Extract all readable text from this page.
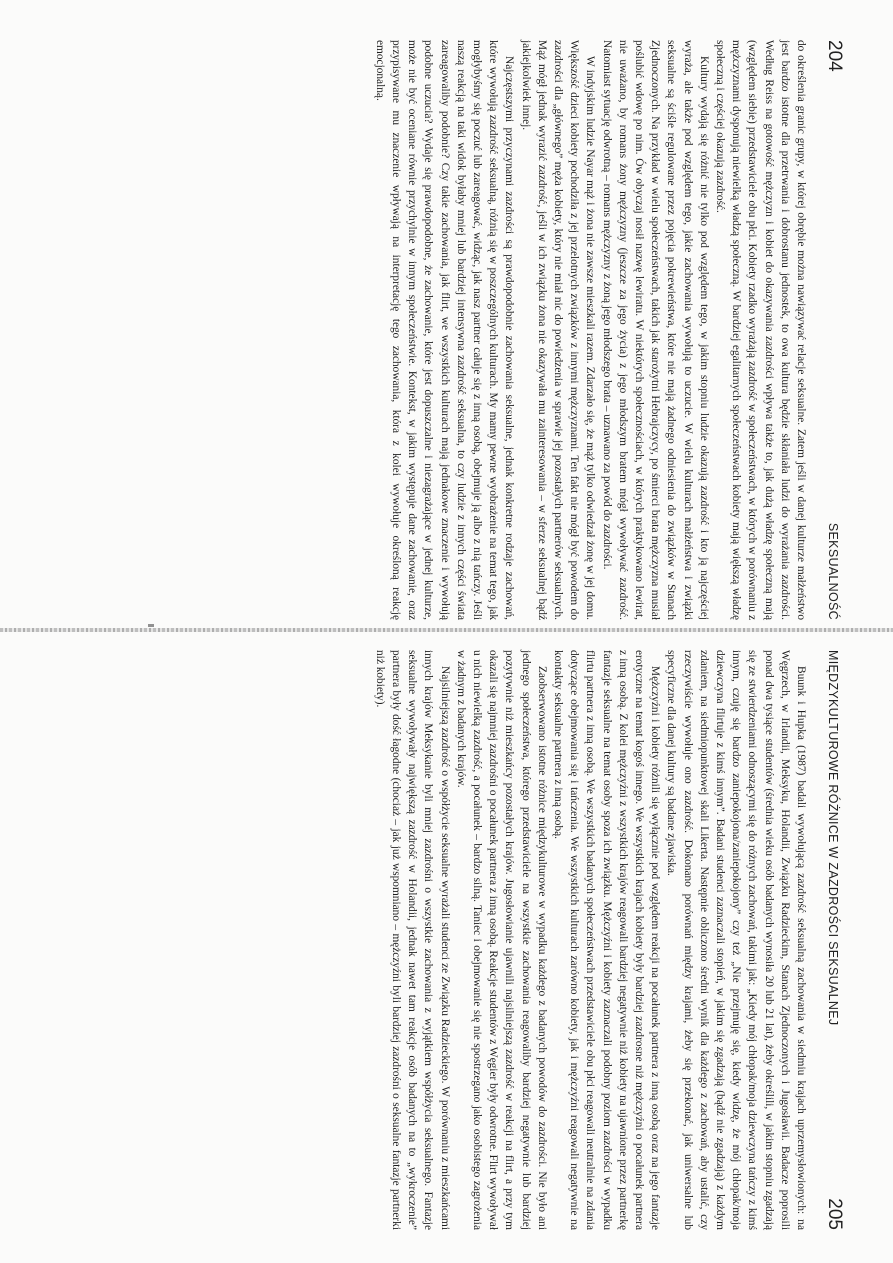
204
SEKSUALNOŚĆ

do określenia granic grupy, w której obrębie można nawiązywać relacje seksualne. Zatem jeśli w danej kulturze małżeństwo jest bardzo istotne dla przetrwania i dobrostanu jednostek, to owa kultura będzie skłaniała ludzi do wyrażania zazdrości. Według Reiss na gotowość mężczyzn i kobiet do okazywania zazdrości wpływa także to, jak dużą władzę społeczną mają (względem siebie) przedstawiciele obu płci. Kobiety rzadko wyrażają zazdrość w społeczeństwach, w których w porównaniu z mężczyznami dysponują niewielką władzą społeczną. W bardziej egalitarnych społeczeństwach kobiety mają większą władzę społeczną i częściej okazują zazdrość.

Kultury wydają się różnić nie tylko pod względem tego, w jakim stopniu ludzie okazują zazdrość i kto ją najczęściej wyraża, ale także pod względem tego, jakie zachowania wywołują to uczucie. W wielu kulturach małżeństwa i związki seksualne są ściśle regulowane przez pojęcia pokrewieństwa, które nie mają żadnego odniesienia do związków w Stanach Zjednoczonych. Na przykład w wielu społeczeństwach, takich jak starożytni Hebrajczycy, po śmierci brata mężczyzna musiał poślubić wdowę po nim. Ów obyczaj nosił nazwę lewiratu. W niektórych społecznościach, w których praktykowano lewirat, nie uważano, by romans żony mężczyzny (jeszcze za jego życia) z jego młodszym bratem mógł wywoływać zazdrość. Natomiast sytuację odwrotną – romans mężczyzny z żoną jego młodszego brata – uznawano za powód do zazdrości.

W indyjskim ludzie Nayar mąż i żona nie zawsze mieszkali razem. Zdarzało się, że mąż tylko odwiedzał żonę w jej domu. Większość dzieci kobiety pochodziła z jej przelotnych związków z innymi mężczyznami. Ten fakt nie mógł być powodem do zazdrości dla „głównego” męża kobiety, który nie miał nic do powiedzenia w sprawie jej pozostałych partnerów seksualnych. Mąż mógł jednak wyrazić zazdrość, jeśli w ich związku żona nie okazywała mu zainteresowania – w sferze seksualnej bądź jakiejkolwiek innej.

Najczęstszymi przyczynami zazdrości są prawdopodobnie zachowania seksualne, jednak konkretne rodzaje zachowań, które wywołują zazdrość seksualną, różnią się w poszczególnych kulturach. My mamy pewne wyobrażenie na temat tego, jak mogłybyśmy się poczuć lub zareagować, widząc, jak nasz partner całuje się z inną osobą, obejmuje ją albo z nią tańczy. Jeśli naszą reakcją na taki widok byłaby mniej lub bardziej intensywna zazdrość seksualna, to czy ludzie z innych części świata zareagowaliby podobnie? Czy takie zachowania, jak flirt, we wszystkich kulturach mają jednakowe znaczenie i wywołują podobne uczucia? Wydaje się prawdopodobne, że zachowanie, które jest dopuszczalne i niezagrażające w jednej kulturze, może nie być oceniane równie przychylnie w innym społeczeństwie. Kontekst, w jakim występuje dane zachowanie, oraz przypisywane mu znaczenie wpływają na interpretację tego zachowania, która z kolei wywołuje określoną reakcję emocjonalną.

MIĘDZYKULTUROWE RÓŻNICE W ZAZDROŚCI SEKSUALNEJ
205

Buunk i Hupka (1987) badali wywołującą zazdrość seksualną zachowania w siedmiu krajach uprzemysłowionych: na Węgrzech, w Irlandii, Meksyku, Holandii, Związku Radzieckim, Stanach Zjednoczonych i Jugosławii. Badacze poprosili ponad dwa tysiące studentów (średnia wieku osób badanych wynosiła 20 lub 21 lat), żeby określili, w jakim stopniu zgadzają się ze stwierdzeniami odnoszącymi się do różnych zachowań, takimi jak: „Kiedy mój chłopak/moja dziewczyna tańczy z kimś innym, czuję się bardzo zaniepokojona/zaniepokojony” czy też „Nie przejmuję się, kiedy widzę, że mój chłopak/moja dziewczyna flirtuje z kimś innym”. Badani studenci zaznaczali stopień, w jakim się zgadzają (bądź nie zgadzają) z każdym zdaniem, na siedmiopunktowej skali Likerta. Następnie obliczono średni wynik dla każdego z zachowań, aby ustalić, czy rzeczywiście wywołuje ono zazdrość. Dokonano porównań między krajami, żeby się przekonać, jak uniwersalne lub specyficzne dla danej kultury są badane zjawiska.

Mężczyźni i kobiety różnili się wyłącznie pod względem reakcji na pocałunek partnera z inną osobą oraz na jego fantazje erotyczne na temat kogoś innego. We wszystkich krajach kobiety były bardziej zazdrosne niż mężczyźni o pocałunek partnera z inną osobą. Z kolei mężczyźni z wszystkich krajów reagowali bardziej negatywnie niż kobiety na ujawnione przez partnerkę fantazje seksualne na temat osoby spoza ich związku. Mężczyźni i kobiety zaznaczali podobny poziom zazdrości w wypadku flirtu partnera z inną osobą. We wszystkich badanych społeczeństwach przedstawiciele obu płci reagowali neutralnie na zdania dotyczące obejmowania się i tańczenia. We wszystkich kulturach zarówno kobiety, jak i mężczyźni reagowali negatywnie na kontakty seksualne partnera z inną osobą.

Zaobserwowano istotne różnice międzykulturowe w wypadku każdego z badanych powodów do zazdrości. Nie było ani jednego społeczeństwa, którego przedstawiciele na wszystkie zachowania reagowaliby bardziej negatywnie lub bardziej pozytywnie niż mieszkańcy pozostałych krajów. Jugosłowianie ujawnili najsilniejszą zazdrość w reakcji na flirt, a przy tym okazali się najmniej zazdrośni o pocałunek partnera z inną osobą. Reakcje studentów z Węgier były odwrotne. Flirt wywoływał u nich niewielką zazdrość, a pocałunek – bardzo silną. Taniec i obejmowanie się nie spostrzegano jako osobistego zagrożenia w żadnym z badanych krajów.

Najsilniejszą zazdrość o współżycie seksualne wyrażali studenci ze Związku Radzieckiego. W porównaniu z mieszkańcami innych krajów Meksykanie byli mniej zazdrośni o wszystkie zachowania z wyjątkiem współżycia seksualnego. Fantazje seksualne wywoływały największą zazdrość w Holandii, jednak nawet tam reakcje osób badanych na to „wykroczenie” partnera były dość łagodne (chociaż – jak już wspomniano – mężczyźni byli bardziej zazdrośni o seksualne fantazje partnerki niż kobiety).
